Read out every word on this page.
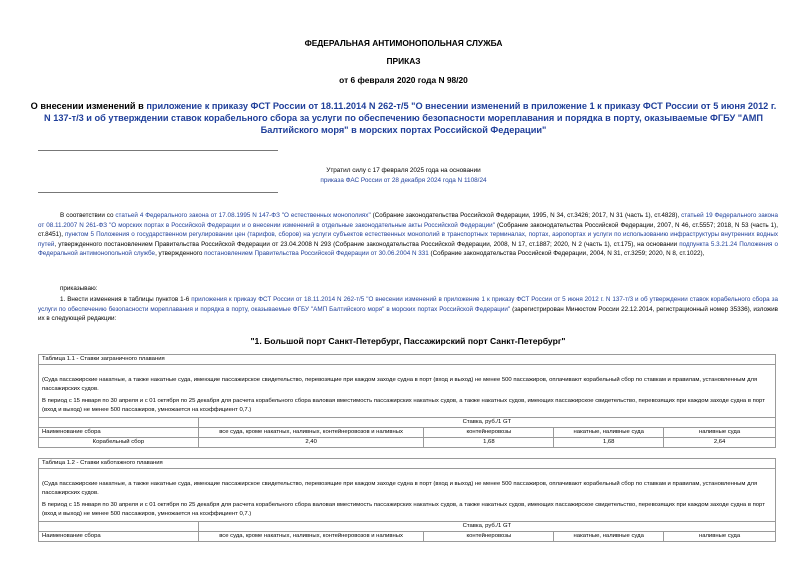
ФЕДЕРАЛЬНАЯ АНТИМОНОПОЛЬНАЯ СЛУЖБА
ПРИКАЗ
от 6 февраля 2020 года N 98/20
О внесении изменений в приложение к приказу ФСТ России от 18.11.2014 N 262-т/5 "О внесении изменений в приложение 1 к приказу ФСТ России от 5 июня 2012 г. N 137-т/3 и об утверждении ставок корабельного сбора за услуги по обеспечению безопасности мореплавания и порядка в порту, оказываемые ФГБУ "АМП Балтийского моря" в морских портах Российской Федерации"
Утратил силу с 17 февраля 2025 года на основании
приказа ФАС России от 28 декабря 2024 года N 1108/24
В соответствии со статьей 4 Федерального закона от 17.08.1995 N 147-ФЗ "О естественных монополиях" (Собрание законодательства Российской Федерации, 1995, N 34, ст.3426; 2017, N 31 (часть 1), ст.4828), статьей 19 Федерального закона от 08.11.2007 N 261-ФЗ "О морских портах в Российской Федерации и о внесении изменений в отдельные законодательные акты Российской Федерации" (Собрание законодательства Российской Федерации, 2007, N 46, ст.5557; 2018, N 53 (часть 1), ст.8451), пунктом 5 Положения о государственном регулировании цен (тарифов, сборов) на услуги субъектов естественных монополий в транспортных терминалах, портах, аэропортах и услуги по использованию инфраструктуры внутренних водных путей, утвержденного постановлением Правительства Российской Федерации от 23.04.2008 N 293 (Собрание законодательства Российской Федерации, 2008, N 17, ст.1887; 2020, N 2 (часть 1), ст.175), на основании подпункта 5.3.21.24 Положения о Федеральной антимонопольной службе, утвержденного постановлением Правительства Российской Федерации от 30.06.2004 N 331 (Собрание законодательства Российской Федерации, 2004, N 31, ст.3259; 2020, N 8, ст.1022),
приказываю:
1. Внести изменения в таблицы пунктов 1-6 приложения к приказу ФСТ России от 18.11.2014 N 262-т/5 "О внесении изменений в приложение 1 к приказу ФСТ России от 5 июня 2012 г. N 137-т/3 и об утверждении ставок корабельного сбора за услуги по обеспечению безопасности мореплавания и порядка в порту, оказываемые ФГБУ "АМП Балтийского моря" в морских портах Российской Федерации" (зарегистрирован Минюстом России 22.12.2014, регистрационный номер 35336), изложив их в следующей редакции:
"1. Большой порт Санкт-Петербург, Пассажирский порт Санкт-Петербург"
Таблица 1.1 - Ставки заграничного плавания				

(Суда пассажирские накатные, а также накатные суда, имеющие пассажирское свидетельство, перевозящие при каждом заходе судна в порт (вход и выход) не менее 500 пассажиров, оплачивают корабельный сбор по ставкам и правилам, установленным для пассажирских судов.
В период с 15 января по 30 апреля и с 01 октября по 25 декабря для расчета корабельного сбора валовая вместимость пассажирских накатных судов, а также накатных судов, имеющих пассажирское свидетельство, перевозящих при каждом заходе судна в порт (вход и выход) не менее 500 пассажиров, умножается на коэффициент 0,7.)				

	Ставка, руб./1 GT			
Наименование сбора	все суда, кроме накатных, наливных, контейнеровозов и наливных	контейнеровозы	накатные, наливные суда	наливные суда
Корабельный сбор	2,40	1,68	1,68	2,64
Таблица 1.2 - Ставки каботажного плавания				

(Суда пассажирские накатные, а также накатные суда, имеющие пассажирское свидетельство, перевозящие при каждом заходе судна в порт (вход и выход) не менее 500 пассажиров, оплачивают корабельный сбор по ставкам и правилам, установленным для пассажирских судов.
В период с 15 января по 30 апреля и с 01 октября по 25 декабря для расчета корабельного сбора валовая вместимость пассажирских накатных судов, а также накатных судов, имеющих пассажирское свидетельство, перевозящих при каждом заходе судна в порт (вход и выход) не менее 500 пассажиров, умножается на коэффициент 0,7.)				

	Ставка, руб./1 GT			
Наименование сбора	все суда, кроме накатных, наливных, контейнеровозов и наливных	контейнеровозы	накатные, наливные суда	наливные суда
